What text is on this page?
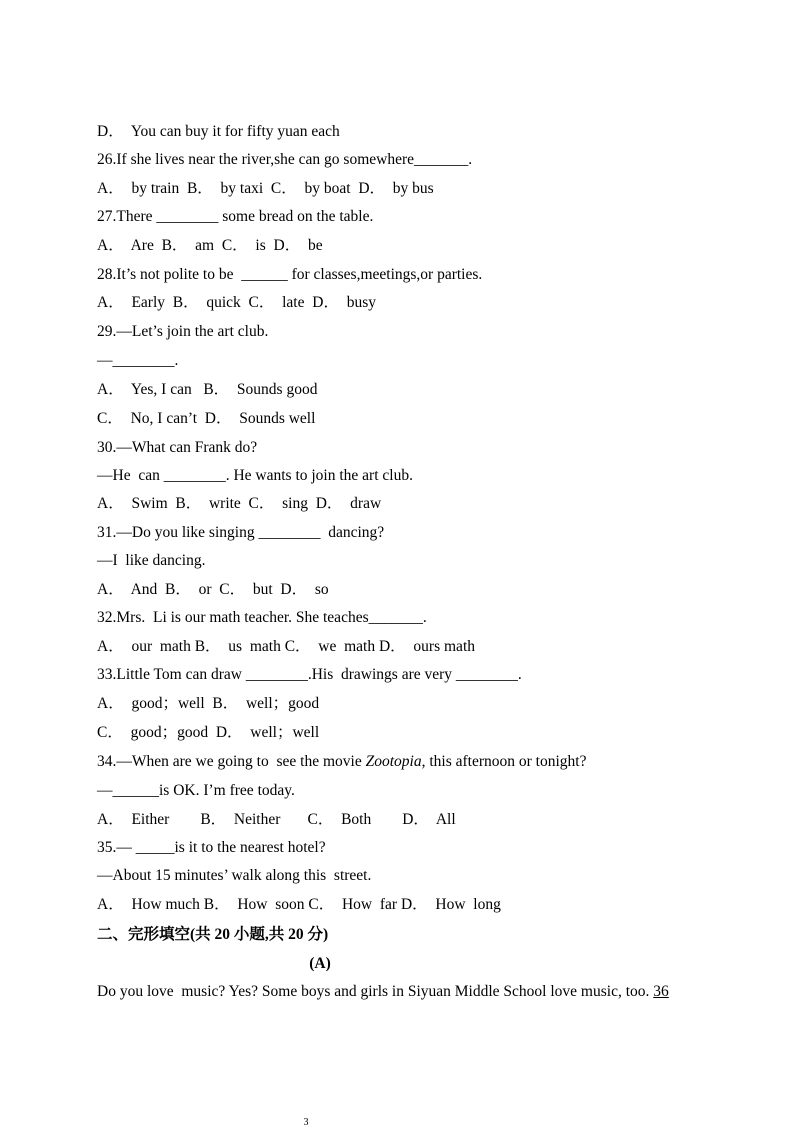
D．  You can buy it for fifty yuan each
26.If she lives near the river,she can go somewhere_______.
A．  by train  B．  by taxi  C．  by boat  D．  by bus
27.There ________ some bread on the table.
A．  Are  B．  am  C．  is  D．  be
28.It’s not polite to be  ______ for classes,meetings,or parties.
A．  Early  B．  quick  C．  late  D．  busy
29.—Let’s join the art club.
—________.
A．  Yes, I can   B．  Sounds good
C．  No, I can’t  D．  Sounds well
30.—What can Frank do?
—He  can ________. He wants to join the art club.
A．  Swim  B．  write  C．  sing  D．  draw
31.—Do you like singing ________  dancing?
—I  like dancing.
A．  And  B．  or  C．  but  D．  so
32.Mrs.  Li is our math teacher. She teaches_______.
A．  our  math B．  us  math C．  we  math D．  ours math
33.Little Tom can draw ________.His  drawings are very ________.
A．  good；well  B．  well；good
C．  good；good  D．  well；well
34.—When are we going to  see the movie Zootopia, this afternoon or tonight?
—______is OK. I’m free today.
A．  Either        B．  Neither       C．  Both        D．  All
35.— _____is it to the nearest hotel?
—About 15 minutes’ walk along this  street.
A．  How much B．  How  soon C．  How  far D．  How  long
二、完形填空(共 20 小题,共 20 分)
(A)
Do you love  music? Yes? Some boys and girls in Siyuan Middle School love music, too. 36
3
